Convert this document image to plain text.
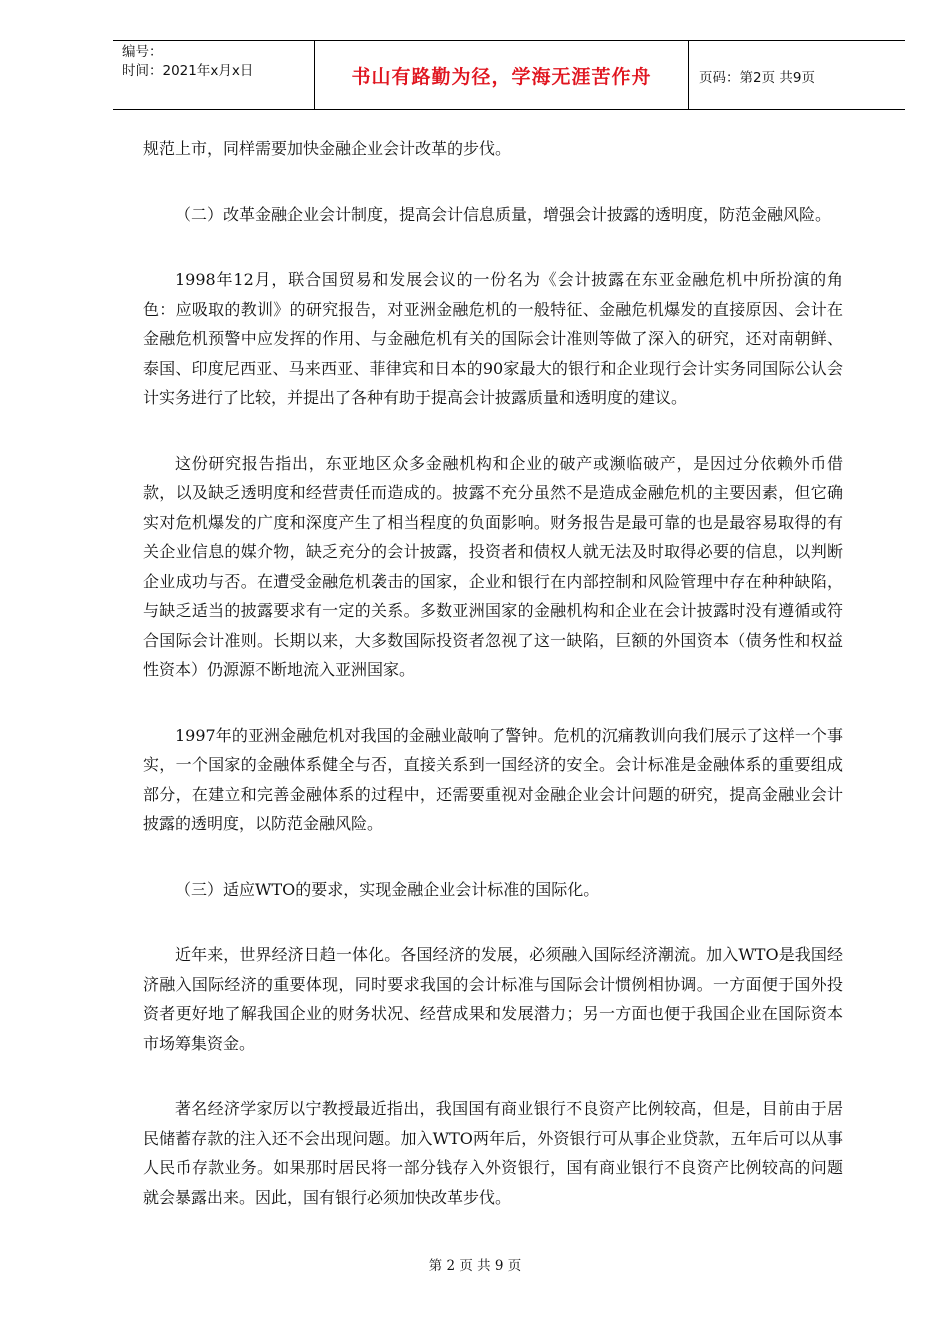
编号：
时间：2021年x月x日	书山有路勤为径，学海无涯苦作舟	页码：第2页 共9页

规范上市，同样需要加快金融企业会计改革的步伐。

（二）改革金融企业会计制度，提高会计信息质量，增强会计披露的透明度，防范金融风险。

1998年12月，联合国贸易和发展会议的一份名为《会计披露在东亚金融危机中所扮演的角色：应吸取的教训》的研究报告，对亚洲金融危机的一般特征、金融危机爆发的直接原因、会计在金融危机预警中应发挥的作用、与金融危机有关的国际会计准则等做了深入的研究，还对南朝鲜、泰国、印度尼西亚、马来西亚、菲律宾和日本的90家最大的银行和企业现行会计实务同国际公认会计实务进行了比较，并提出了各种有助于提高会计披露质量和透明度的建议。

这份研究报告指出，东亚地区众多金融机构和企业的破产或濒临破产，是因过分依赖外币借款，以及缺乏透明度和经营责任而造成的。披露不充分虽然不是造成金融危机的主要因素，但它确实对危机爆发的广度和深度产生了相当程度的负面影响。财务报告是最可靠的也是最容易取得的有关企业信息的媒介物，缺乏充分的会计披露，投资者和债权人就无法及时取得必要的信息，以判断企业成功与否。在遭受金融危机袭击的国家，企业和银行在内部控制和风险管理中存在种种缺陷，与缺乏适当的披露要求有一定的关系。多数亚洲国家的金融机构和企业在会计披露时没有遵循或符合国际会计准则。长期以来，大多数国际投资者忽视了这一缺陷，巨额的外国资本（债务性和权益性资本）仍源源不断地流入亚洲国家。

1997年的亚洲金融危机对我国的金融业敲响了警钟。危机的沉痛教训向我们展示了这样一个事实，一个国家的金融体系健全与否，直接关系到一国经济的安全。会计标准是金融体系的重要组成部分，在建立和完善金融体系的过程中，还需要重视对金融企业会计问题的研究，提高金融业会计披露的透明度，以防范金融风险。

（三）适应WTO的要求，实现金融企业会计标准的国际化。

近年来，世界经济日趋一体化。各国经济的发展，必须融入国际经济潮流。加入WTO是我国经济融入国际经济的重要体现，同时要求我国的会计标准与国际会计惯例相协调。一方面便于国外投资者更好地了解我国企业的财务状况、经营成果和发展潜力；另一方面也便于我国企业在国际资本市场筹集资金。

著名经济学家厉以宁教授最近指出，我国国有商业银行不良资产比例较高，但是，目前由于居民储蓄存款的注入还不会出现问题。加入WTO两年后，外资银行可从事企业贷款，五年后可以从事人民币存款业务。如果那时居民将一部分钱存入外资银行，国有商业银行不良资产比例较高的问题就会暴露出来。因此，国有银行必须加快改革步伐。

第 2 页 共 9 页
